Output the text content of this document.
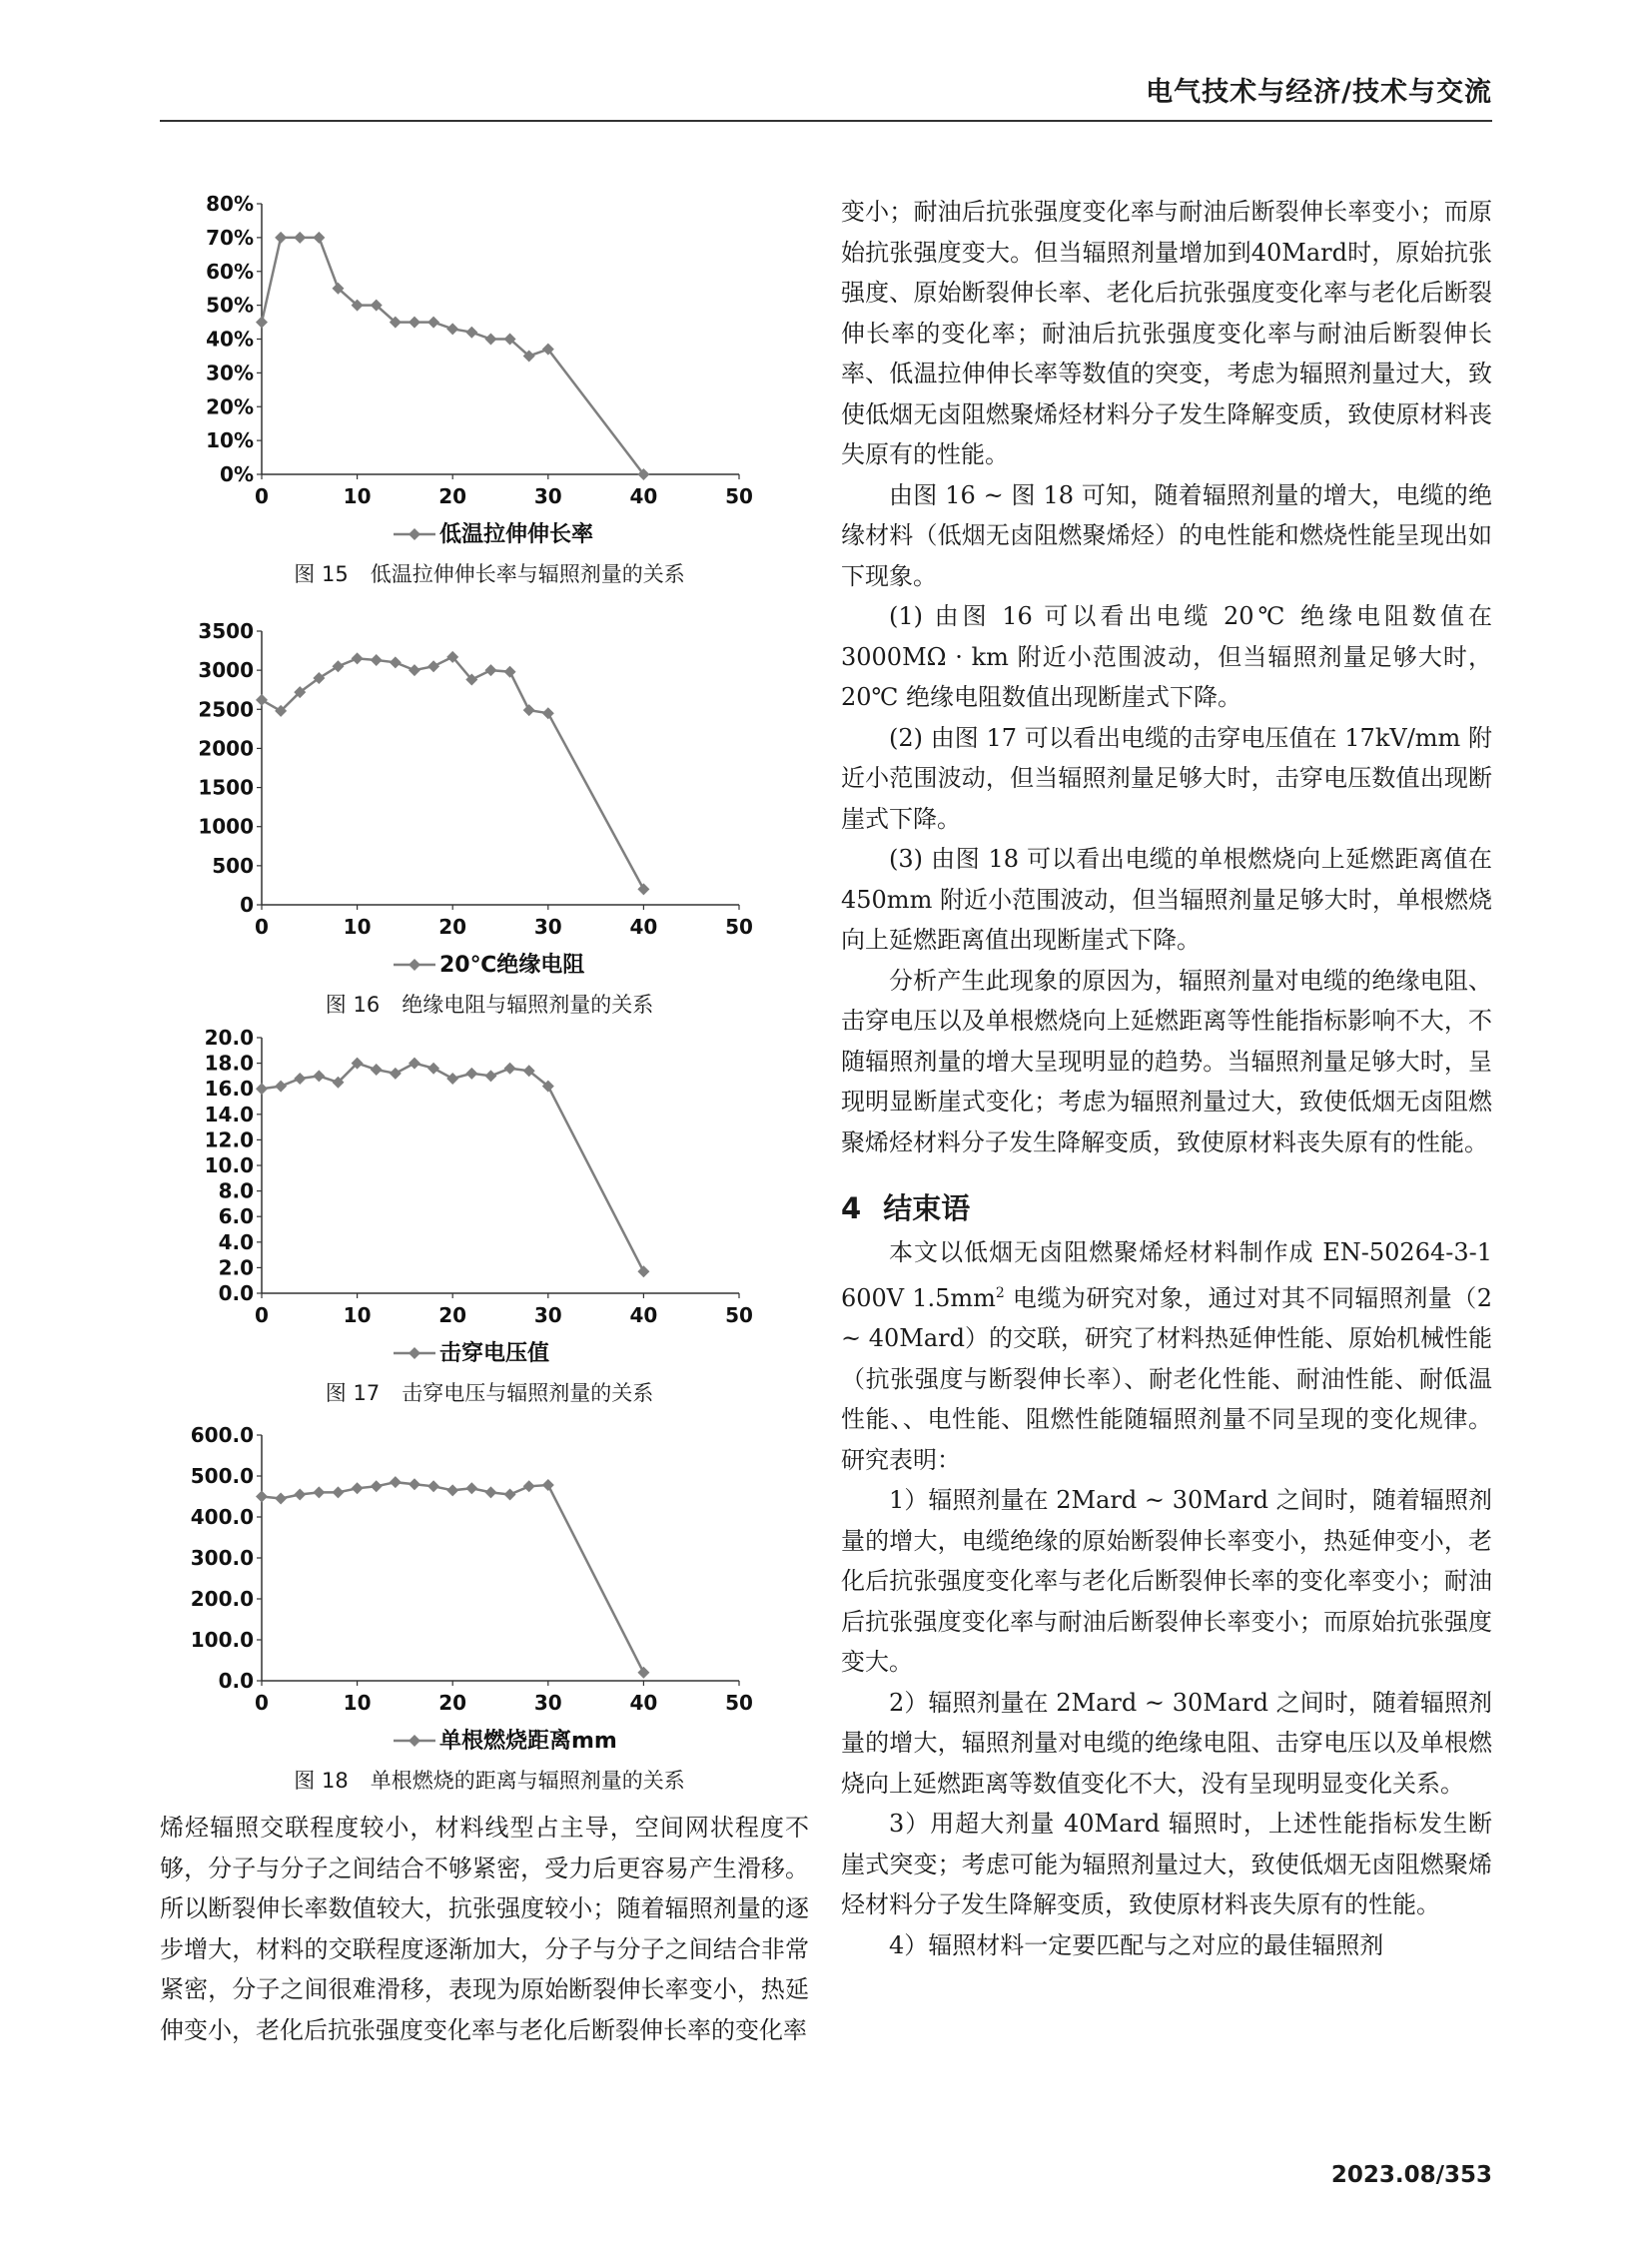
电气技术与经济/技术与交流
0%
10%
20%
30%
40%
50%
60%
70%
80%
0	10	20	30	40	50
低温拉伸伸长率
图 15 低温拉伸伸长率与辐照剂量的关系
0
500
1000
1500
2000
2500
3000
3500
0	10	20	30	40	50
20℃绝缘电阻
图 16 绝缘电阻与辐照剂量的关系
0.0
2.0
4.0
6.0
8.0
10.0
12.0
14.0
16.0
18.0
20.0
0	10	20	30	40	50
击穿电压值
图 17 击穿电压与辐照剂量的关系
0.0
100.0
200.0
300.0
400.0
500.0
600.0
0	10	20	30	40	50
单根燃烧距离mm
图 18 单根燃烧的距离与辐照剂量的关系

烯烃辐照交联程度较小，材料线型占主导，空间网状程度不够，分子与分子之间结合不够紧密，受力后更容易产生滑移。所以断裂伸长率数值较大，抗张强度较小；随着辐照剂量的逐步增大，材料的交联程度逐渐加大，分子与分子之间结合非常紧密，分子之间很难滑移，表现为原始断裂伸长率变小，热延伸变小，老化后抗张强度变化率与老化后断裂伸长率的变化率

变小；耐油后抗张强度变化率与耐油后断裂伸长率变小；而原始抗张强度变大。但当辐照剂量增加到40Mard时，原始抗张强度、原始断裂伸长率、老化后抗张强度变化率与老化后断裂伸长率的变化率；耐油后抗张强度变化率与耐油后断裂伸长率、低温拉伸伸长率等数值的突变，考虑为辐照剂量过大，致使低烟无卤阻燃聚烯烃材料分子发生降解变质，致使原材料丧失原有的性能。

由图 16 ~ 图 18 可知，随着辐照剂量的增大，电缆的绝缘材料（低烟无卤阻燃聚烯烃）的电性能和燃烧性能呈现出如下现象。

(1) 由图 16 可以看出电缆 20℃ 绝缘电阻数值在 3000MΩ · km 附近小范围波动，但当辐照剂量足够大时，20℃ 绝缘电阻数值出现断崖式下降。

(2) 由图 17 可以看出电缆的击穿电压值在 17kV/mm 附近小范围波动，但当辐照剂量足够大时，击穿电压数值出现断崖式下降。

(3) 由图 18 可以看出电缆的单根燃烧向上延燃距离值在 450mm 附近小范围波动，但当辐照剂量足够大时，单根燃烧向上延燃距离值出现断崖式下降。

分析产生此现象的原因为，辐照剂量对电缆的绝缘电阻、击穿电压以及单根燃烧向上延燃距离等性能指标影响不大，不随辐照剂量的增大呈现明显的趋势。当辐照剂量足够大时，呈现明显断崖式变化；考虑为辐照剂量过大，致使低烟无卤阻燃聚烯烃材料分子发生降解变质，致使原材料丧失原有的性能。

4 结束语

本文以低烟无卤阻燃聚烯烃材料制作成 EN-50264-3-1 600V $1.5mm^2$ 电缆为研究对象，通过对其不同辐照剂量（2 ~ 40Mard）的交联，研究了材料热延伸性能、原始机械性能（抗张强度与断裂伸长率）、耐老化性能、耐油性能、耐低温性能、、电性能、阻燃性能随辐照剂量不同呈现的变化规律。研究表明：

1）辐照剂量在 2Mard ~ 30Mard 之间时，随着辐照剂量的增大，电缆绝缘的原始断裂伸长率变小，热延伸变小，老化后抗张强度变化率与老化后断裂伸长率的变化率变小；耐油后抗张强度变化率与耐油后断裂伸长率变小；而原始抗张强度变大。

2）辐照剂量在 2Mard ~ 30Mard 之间时，随着辐照剂量的增大，辐照剂量对电缆的绝缘电阻、击穿电压以及单根燃烧向上延燃距离等数值变化不大，没有呈现明显变化关系。

3）用超大剂量 40Mard 辐照时，上述性能指标发生断崖式突变；考虑可能为辐照剂量过大，致使低烟无卤阻燃聚烯烃材料分子发生降解变质，致使原材料丧失原有的性能。

4）辐照材料一定要匹配与之对应的最佳辐照剂

2023.08/353
